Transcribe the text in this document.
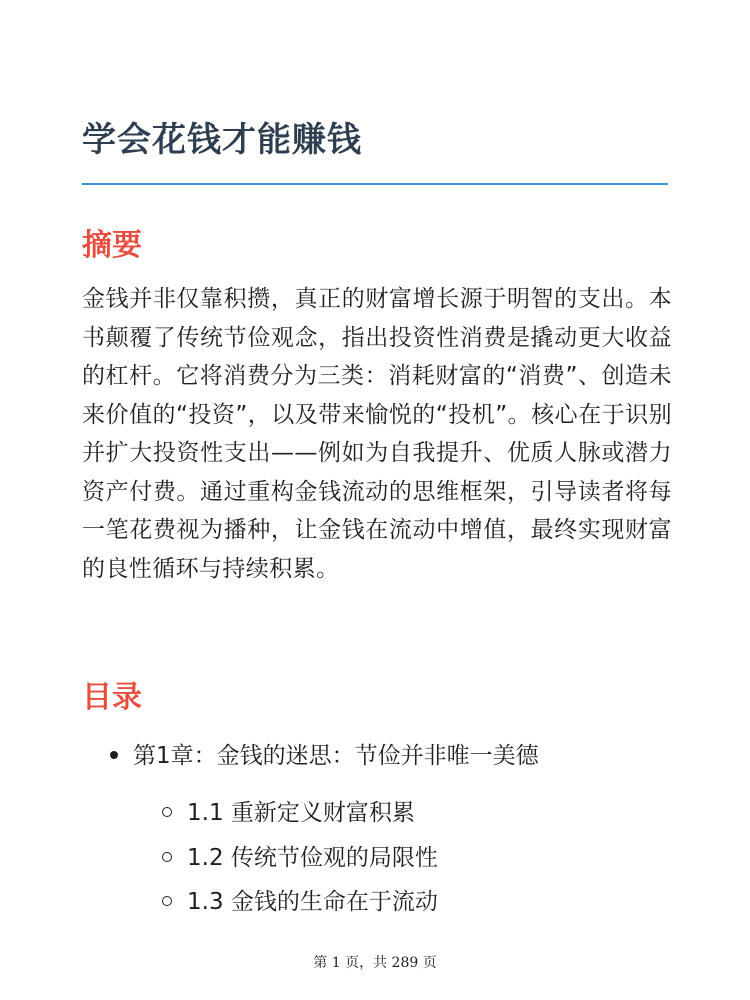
学会花钱才能赚钱
摘要

金钱并非仅靠积攒，真正的财富增长源于明智的支出。本书颠覆了传统节俭观念，指出投资性消费是撬动更大收益的杠杆。它将消费分为三类：消耗财富的“消费”、创造未来价值的“投资”，以及带来愉悦的“投机”。核心在于识别并扩大投资性支出——例如为自我提升、优质人脉或潜力资产付费。通过重构金钱流动的思维框架，引导读者将每一笔花费视为播种，让金钱在流动中增值，最终实现财富的良性循环与持续积累。

目录
第1章：金钱的迷思：节俭并非唯一美德
1.1 重新定义财富积累
1.2 传统节俭观的局限性
1.3 金钱的生命在于流动
第 1 页，共 289 页
